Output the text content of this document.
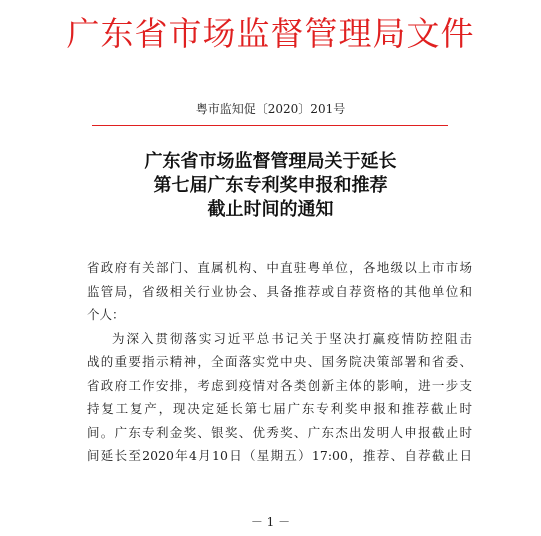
广东省市场监督管理局文件
粤市监知促〔2020〕201号
广东省市场监督管理局关于延长
第七届广东专利奖申报和推荐
截止时间的通知

省政府有关部门、直属机构、中直驻粤单位，各地级以上市市场
监管局，省级相关行业协会、具备推荐或自荐资格的其他单位和
个人：

为深入贯彻落实习近平总书记关于坚决打赢疫情防控阻击
战的重要指示精神，全面落实党中央、国务院决策部署和省委、
省政府工作安排，考虑到疫情对各类创新主体的影响，进一步支
持复工复产，现决定延长第七届广东专利奖申报和推荐截止时
间。广东专利金奖、银奖、优秀奖、广东杰出发明人申报截止时
间延长至2020年4月10日（星期五）17:00，推荐、自荐截止日

－ 1 －
